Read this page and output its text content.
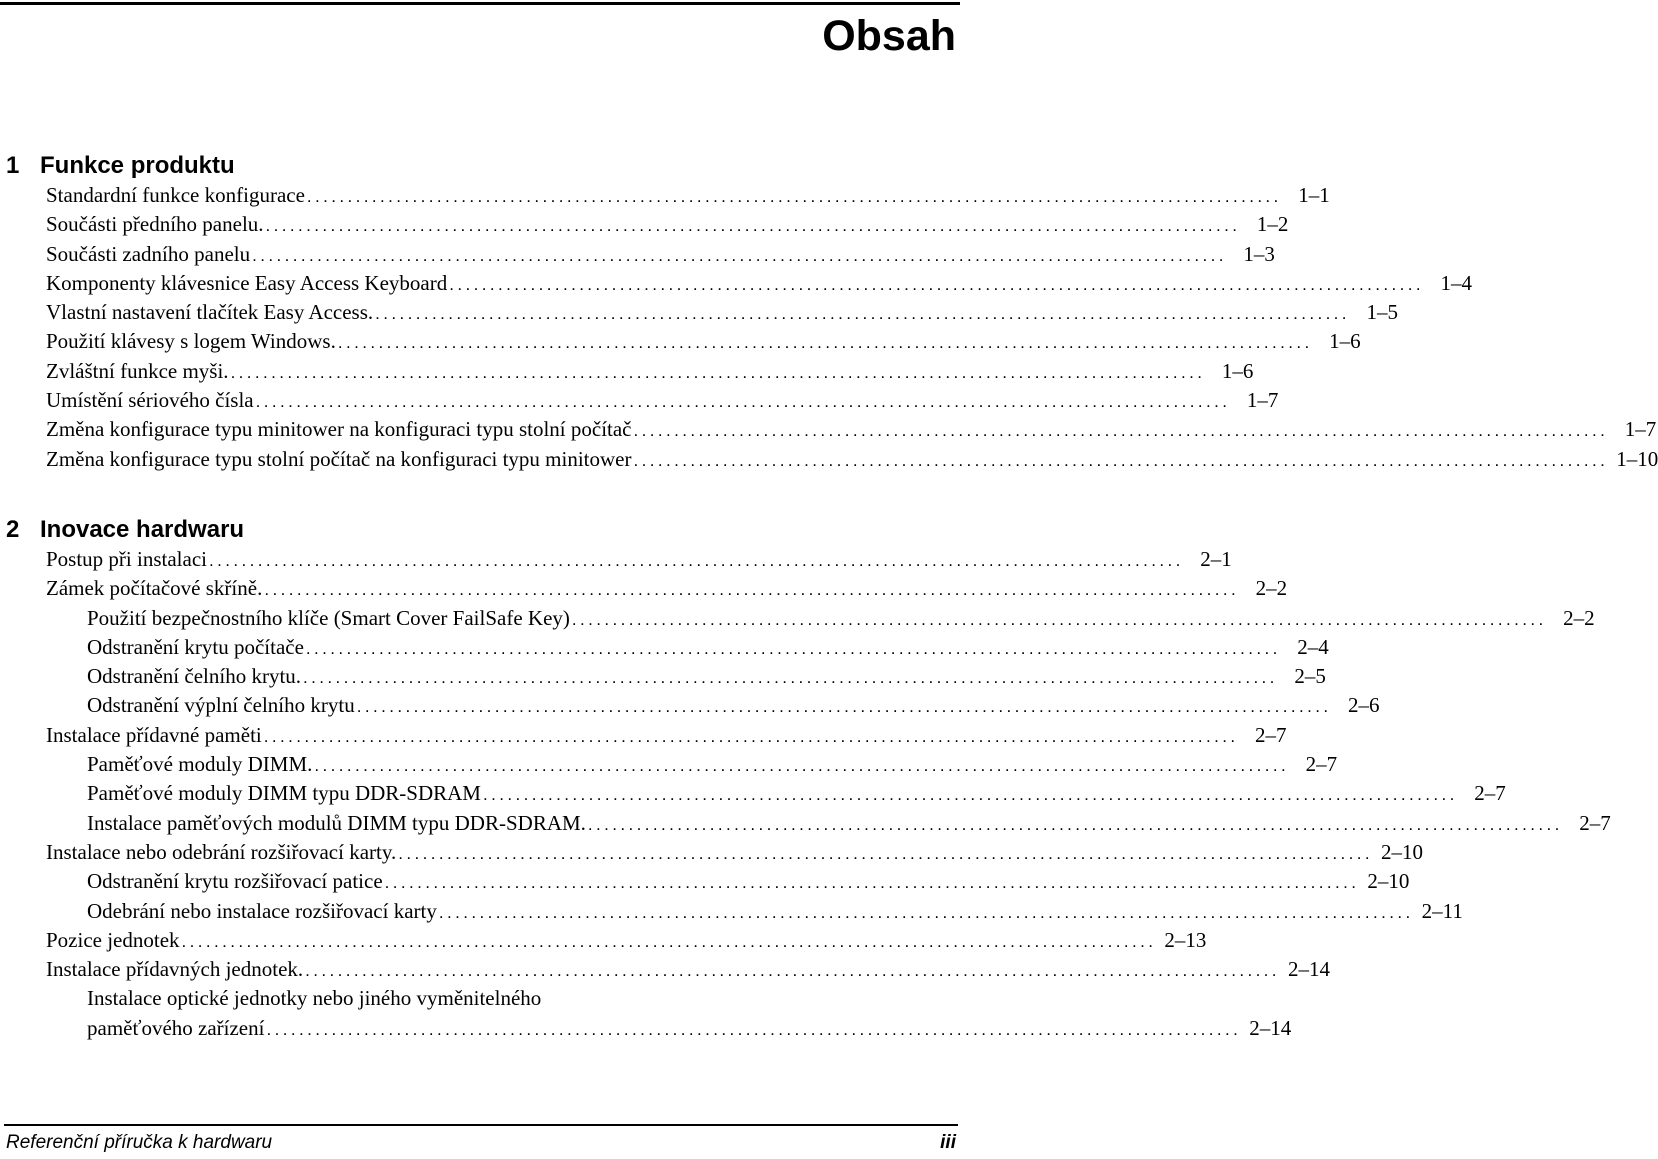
Obsah
1 Funkce produktu
Standardní funkce konfigurace ........................................................................................................................ 1–1
Součásti předního panelu. ........................................................................................................................ 1–2
Součásti zadního panelu ........................................................................................................................ 1–3
Komponenty klávesnice Easy Access Keyboard ........................................................................................................................ 1–4
Vlastní nastavení tlačítek Easy Access. ........................................................................................................................ 1–5
Použití klávesy s logem Windows. ........................................................................................................................ 1–6
Zvláštní funkce myši. ........................................................................................................................ 1–6
Umístění sériového čísla ........................................................................................................................ 1–7
Změna konfigurace typu minitower na konfiguraci typu stolní počítač ........................................................................................................................ 1–7
Změna konfigurace typu stolní počítač na konfiguraci typu minitower ........................................................................................................................ 1–10
2 Inovace hardwaru
Postup při instalaci ........................................................................................................................ 2–1
Zámek počítačové skříně. ........................................................................................................................ 2–2
Použití bezpečnostního klíče (Smart Cover FailSafe Key) ........................................................................................................................ 2–2
Odstranění krytu počítače ........................................................................................................................ 2–4
Odstranění čelního krytu. ........................................................................................................................ 2–5
Odstranění výplní čelního krytu ........................................................................................................................ 2–6
Instalace přídavné paměti ........................................................................................................................ 2–7
Paměťové moduly DIMM. ........................................................................................................................ 2–7
Paměťové moduly DIMM typu DDR-SDRAM ........................................................................................................................ 2–7
Instalace paměťových modulů DIMM typu DDR-SDRAM. ........................................................................................................................ 2–7
Instalace nebo odebrání rozšiřovací karty. ........................................................................................................................ 2–10
Odstranění krytu rozšiřovací patice ........................................................................................................................ 2–10
Odebrání nebo instalace rozšiřovací karty ........................................................................................................................ 2–11
Pozice jednotek ........................................................................................................................ 2–13
Instalace přídavných jednotek. ........................................................................................................................ 2–14
Instalace optické jednotky nebo jiného vyměnitelného
paměťového zařízení ........................................................................................................................ 2–14
Referenční příručka k hardwaru	iii
